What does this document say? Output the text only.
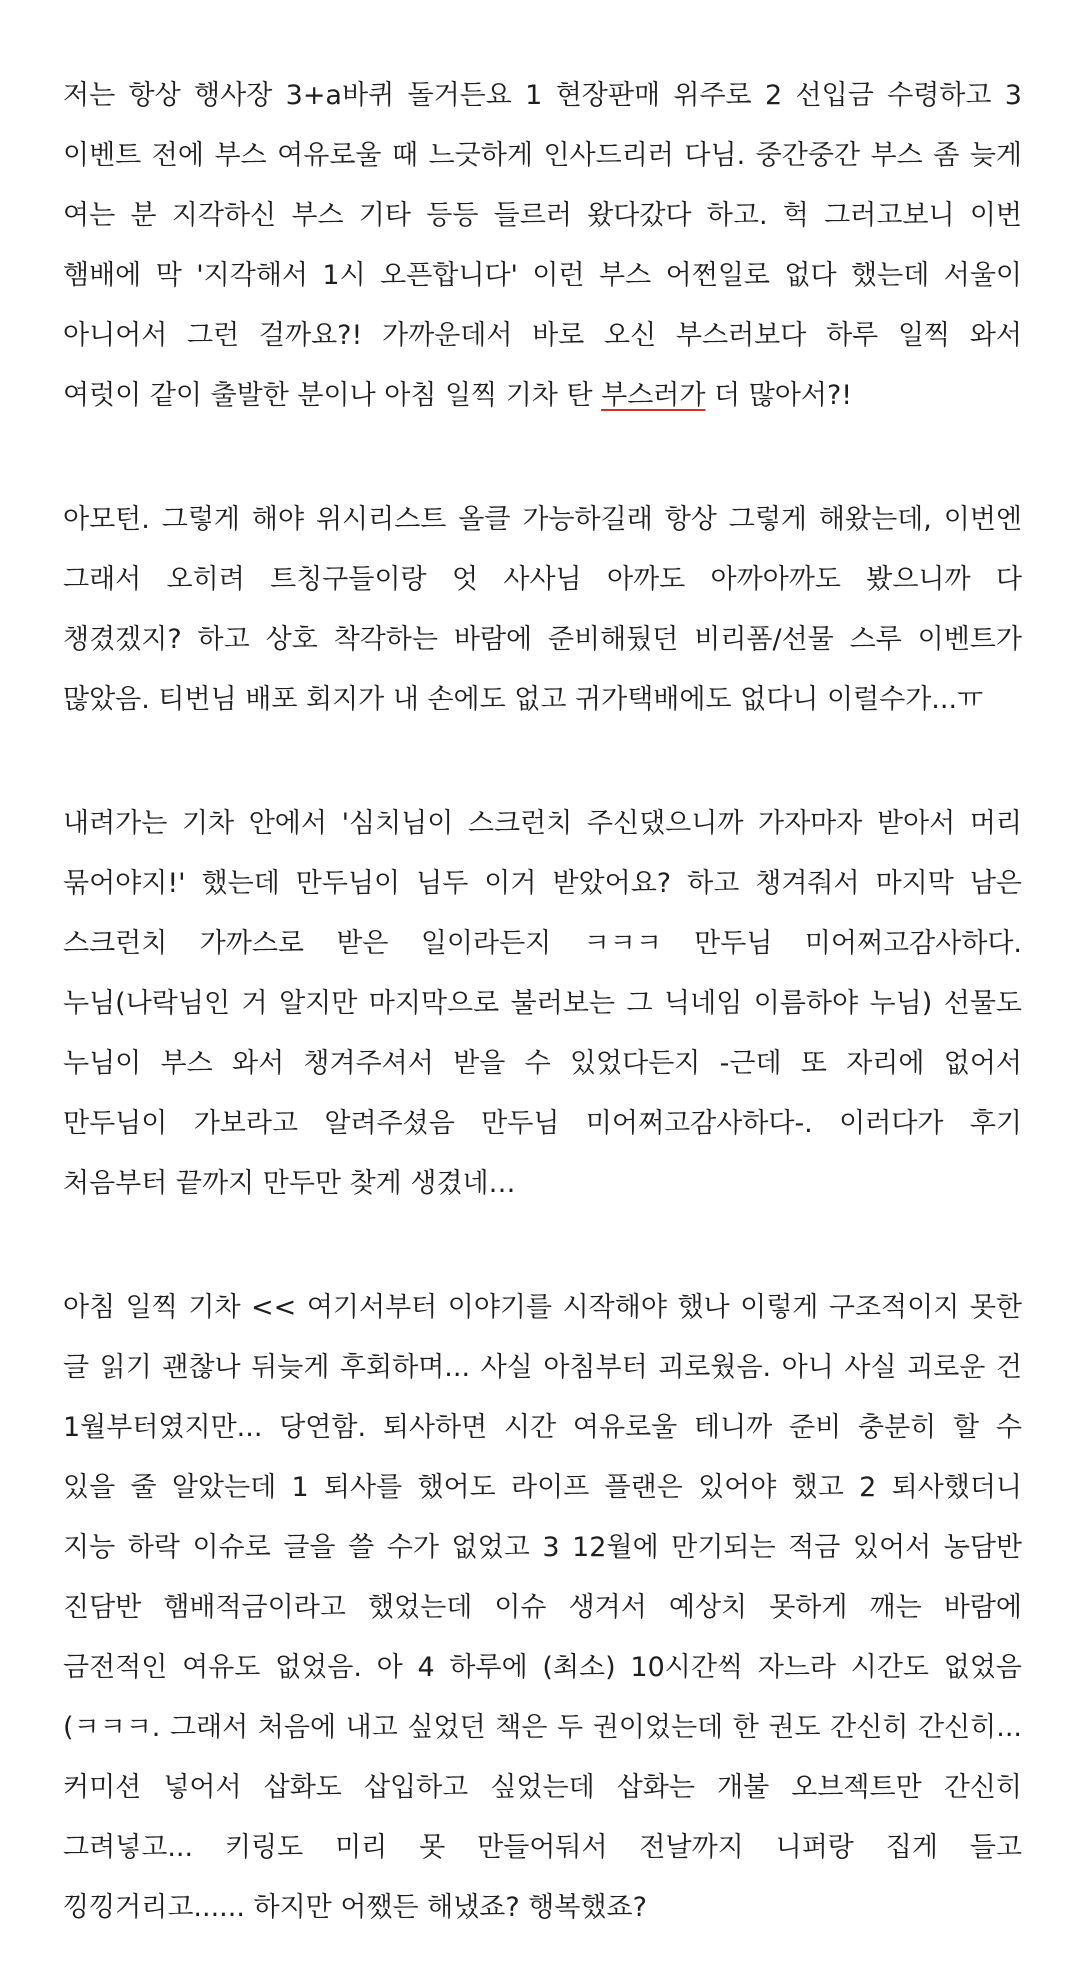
저는 항상 행사장 3+a바퀴 돌거든요 1 현장판매 위주로 2 선입금 수령하고 3
이벤트 전에 부스 여유로울 때 느긋하게 인사드리러 다님. 중간중간 부스 좀 늦게
여는 분 지각하신 부스 기타 등등 들르러 왔다갔다 하고. 헉 그러고보니 이번
햄배에 막 '지각해서 1시 오픈합니다' 이런 부스 어쩐일로 없다 했는데 서울이
아니어서 그런 걸까요?! 가까운데서 바로 오신 부스러보다 하루 일찍 와서
여럿이 같이 출발한 분이나 아침 일찍 기차 탄 부스러가 더 많아서?!
아모턴. 그렇게 해야 위시리스트 올클 가능하길래 항상 그렇게 해왔는데, 이번엔
그래서 오히려 트칭구들이랑 엇 사사님 아까도 아까아까도 봤으니까 다
챙겼겠지? 하고 상호 착각하는 바람에 준비해뒀던 비리폼/선물 스루 이벤트가
많았음. 티번님 배포 회지가 내 손에도 없고 귀가택배에도 없다니 이럴수가...ㅠ
내려가는 기차 안에서 '심치님이 스크런치 주신댔으니까 가자마자 받아서 머리
묶어야지!' 했는데 만두님이 님두 이거 받았어요? 하고 챙겨줘서 마지막 남은
스크런치 가까스로 받은 일이라든지 ㅋㅋㅋ 만두님 미어쩌고감사하다.
누님(나락님인 거 알지만 마지막으로 불러보는 그 닉네임 이름하야 누님) 선물도
누님이 부스 와서 챙겨주셔서 받을 수 있었다든지 -근데 또 자리에 없어서
만두님이 가보라고 알려주셨음 만두님 미어쩌고감사하다-. 이러다가 후기
처음부터 끝까지 만두만 찾게 생겼네…
아침 일찍 기차 << 여기서부터 이야기를 시작해야 했나 이렇게 구조적이지 못한
글 읽기 괜찮나 뒤늦게 후회하며... 사실 아침부터 괴로웠음. 아니 사실 괴로운 건
1월부터였지만... 당연함. 퇴사하면 시간 여유로울 테니까 준비 충분히 할 수
있을 줄 알았는데 1 퇴사를 했어도 라이프 플랜은 있어야 했고 2 퇴사했더니
지능 하락 이슈로 글을 쓸 수가 없었고 3 12월에 만기되는 적금 있어서 농담반
진담반 햄배적금이라고 했었는데 이슈 생겨서 예상치 못하게 깨는 바람에
금전적인 여유도 없었음. 아 4 하루에 (최소) 10시간씩 자느라 시간도 없었음
(ㅋㅋㅋ. 그래서 처음에 내고 싶었던 책은 두 권이었는데 한 권도 간신히 간신히...
커미션 넣어서 삽화도 삽입하고 싶었는데 삽화는 개불 오브젝트만 간신히
그려넣고... 키링도 미리 못 만들어둬서 전날까지 니퍼랑 집게 들고
낑낑거리고...... 하지만 어쨌든 해냈죠? 행복했죠?
